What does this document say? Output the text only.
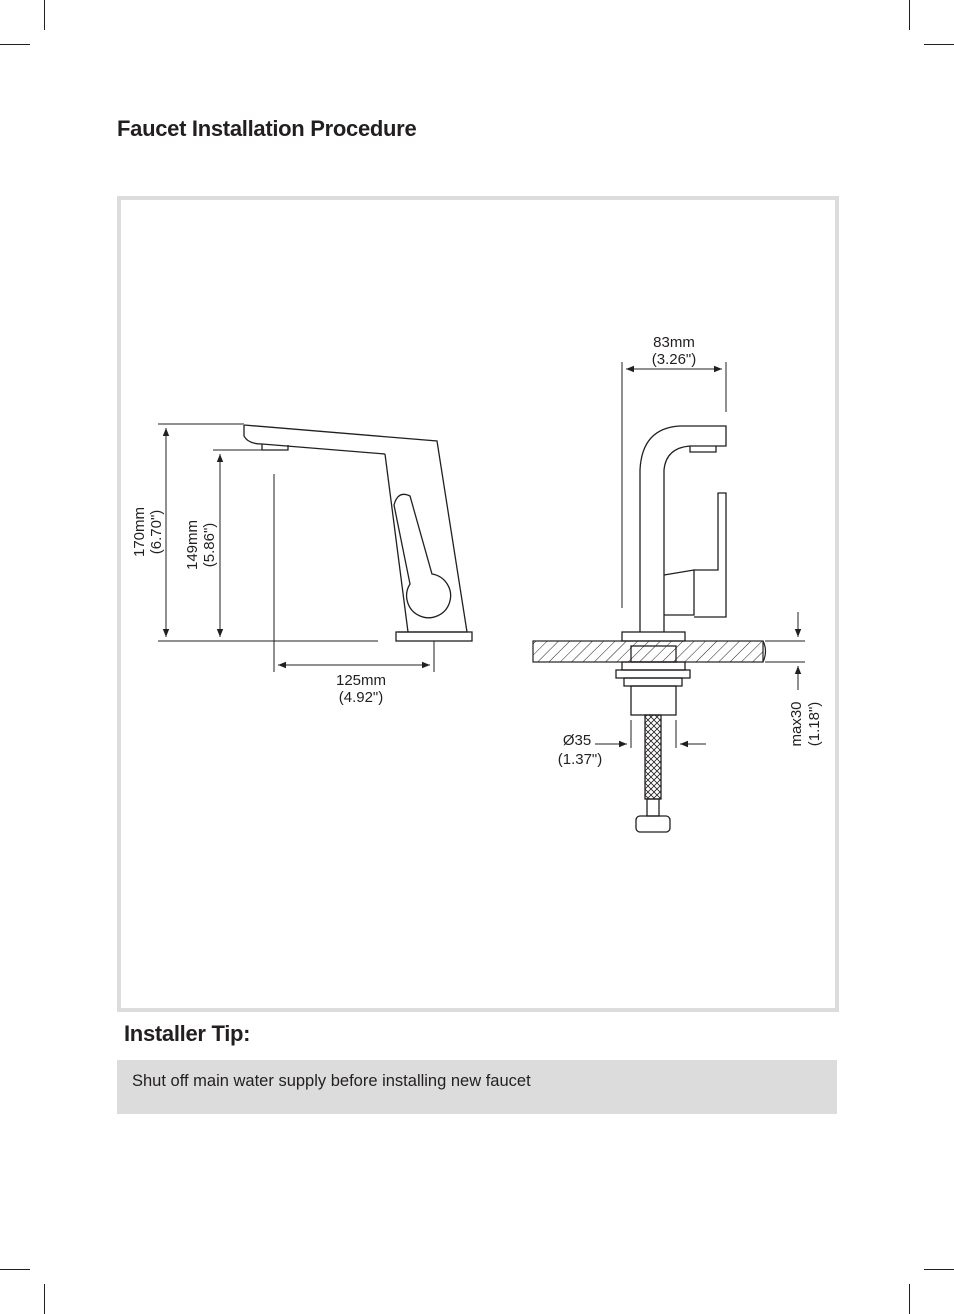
Faucet Installation Procedure
170mm (6.70") 149mm (5.86")
125mm
(4.92")
83mm
(3.26")
Ø35
(1.37")
max30 (1.18")
Installer Tip:
Shut off main water supply before installing new faucet
